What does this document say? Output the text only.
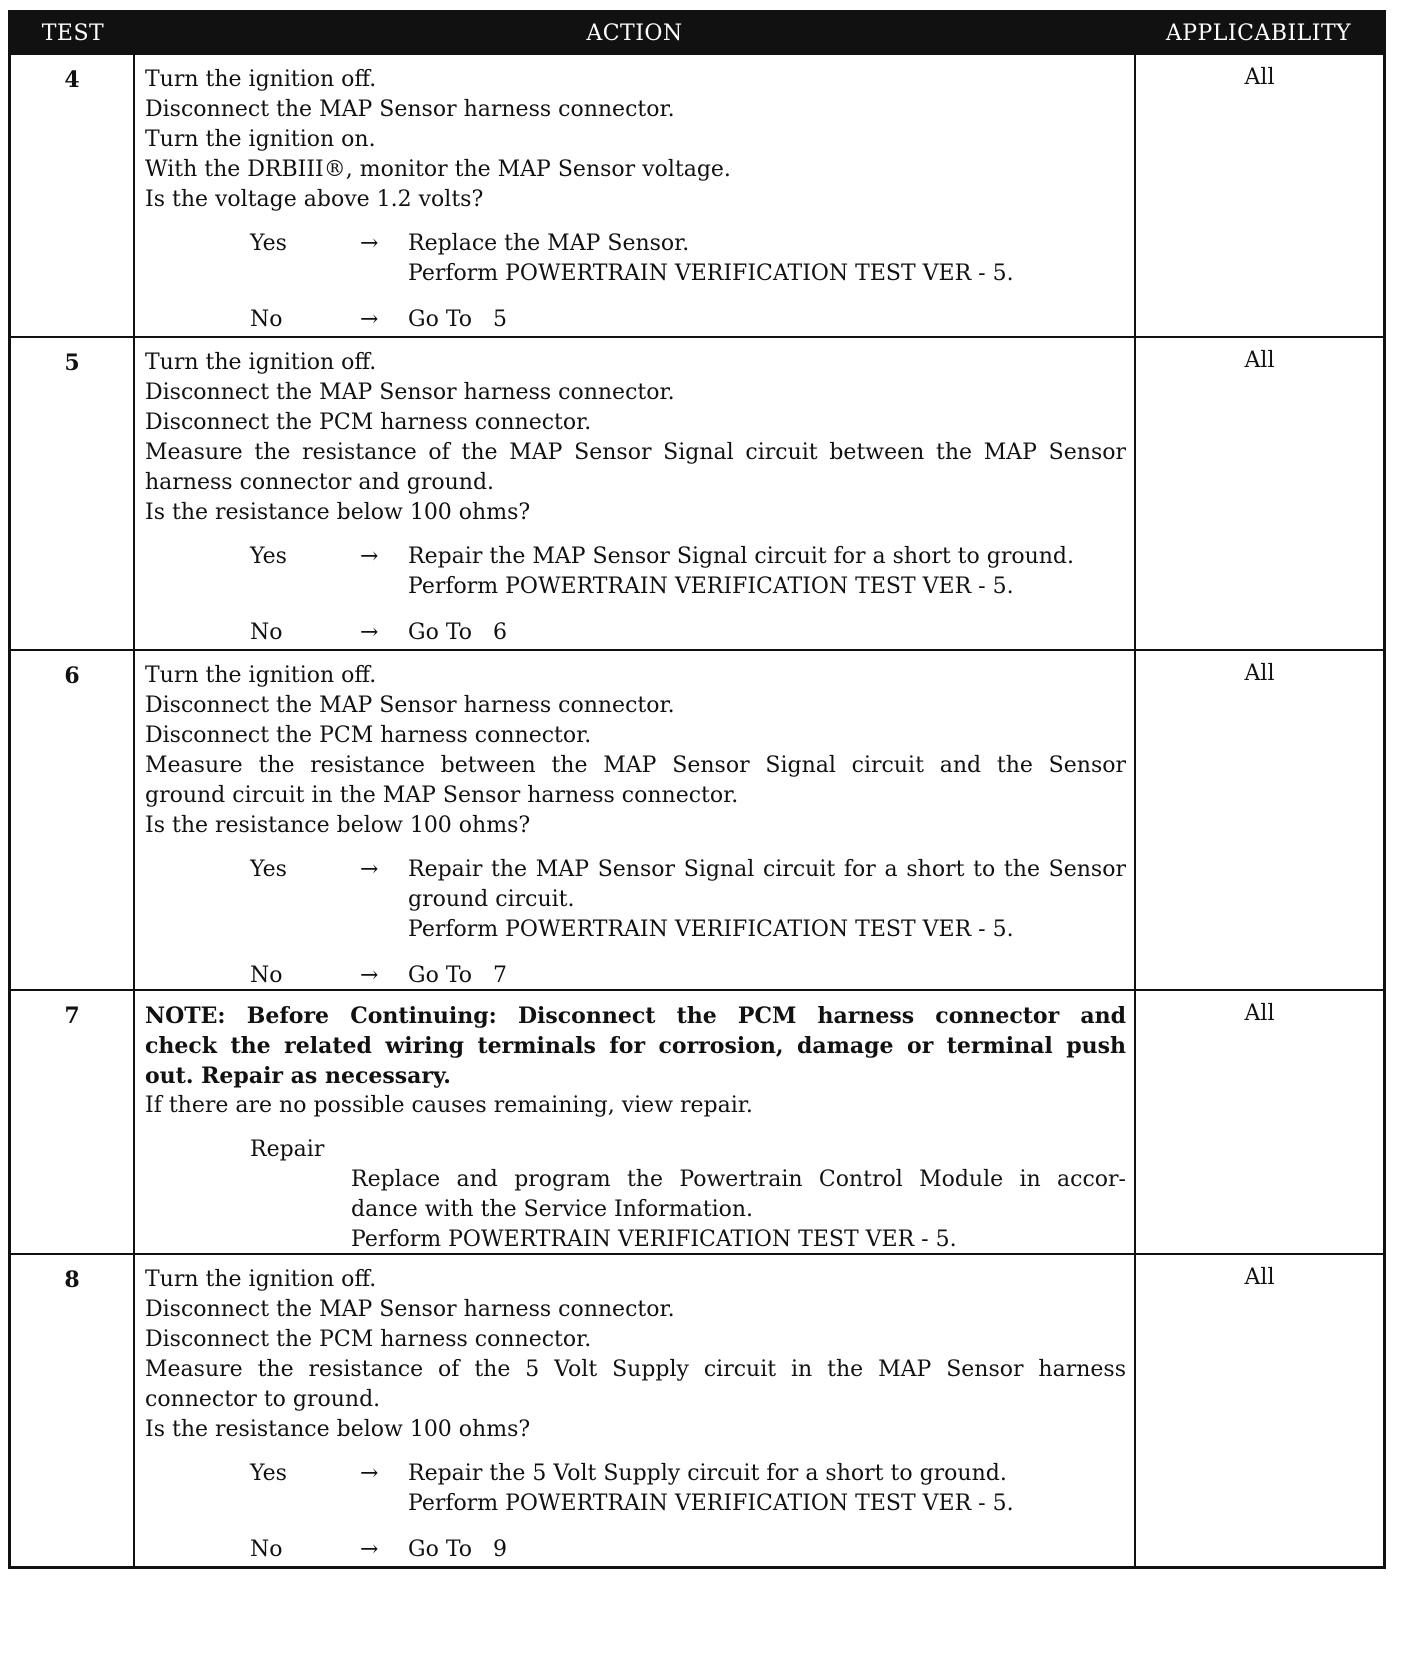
TEST	ACTION	APPLICABILITY
4	Turn the ignition off.
Disconnect the MAP Sensor harness connector.
Turn the ignition on.
With the DRBIII®, monitor the MAP Sensor voltage.
Is the voltage above 1.2 volts?
Yes	→	Replace the MAP Sensor.
Perform POWERTRAIN VERIFICATION TEST VER - 5.
No	→	Go To   5
All
5	Turn the ignition off.
Disconnect the MAP Sensor harness connector.
Disconnect the PCM harness connector.
Measure the resistance of the MAP Sensor Signal circuit between the MAP Sensor
harness connector and ground.
Is the resistance below 100 ohms?
Yes	→	Repair the MAP Sensor Signal circuit for a short to ground.
Perform POWERTRAIN VERIFICATION TEST VER - 5.
No	→	Go To   6
All
6	Turn the ignition off.
Disconnect the MAP Sensor harness connector.
Disconnect the PCM harness connector.
Measure the resistance between the MAP Sensor Signal circuit and the Sensor
ground circuit in the MAP Sensor harness connector.
Is the resistance below 100 ohms?
Yes	→	Repair the MAP Sensor Signal circuit for a short to the Sensor
ground circuit.
Perform POWERTRAIN VERIFICATION TEST VER - 5.
No	→	Go To   7
All
7	NOTE: Before Continuing: Disconnect the PCM harness connector and
check the related wiring terminals for corrosion, damage or terminal push
out. Repair as necessary.
If there are no possible causes remaining, view repair.
Repair
Replace and program the Powertrain Control Module in accor-
dance with the Service Information.
Perform POWERTRAIN VERIFICATION TEST VER - 5.
All
8	Turn the ignition off.
Disconnect the MAP Sensor harness connector.
Disconnect the PCM harness connector.
Measure the resistance of the 5 Volt Supply circuit in the MAP Sensor harness
connector to ground.
Is the resistance below 100 ohms?
Yes	→	Repair the 5 Volt Supply circuit for a short to ground.
Perform POWERTRAIN VERIFICATION TEST VER - 5.
No	→	Go To   9
All
